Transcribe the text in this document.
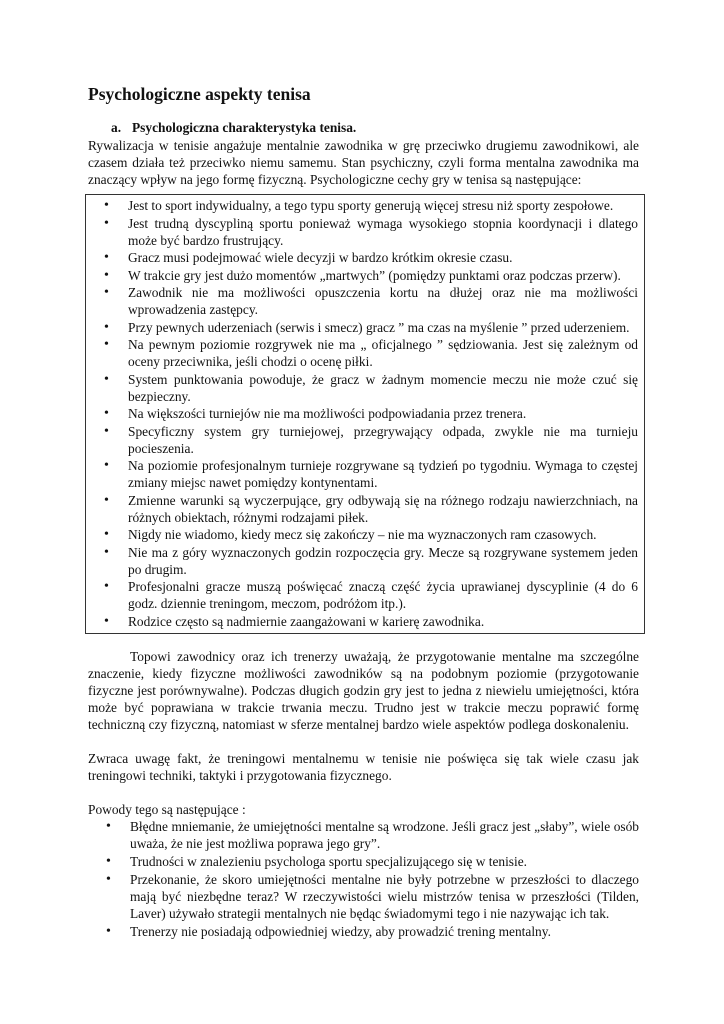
Psychologiczne aspekty tenisa
a. Psychologiczna charakterystyka tenisa.

Rywalizacja w tenisie angażuje mentalnie zawodnika w grę przeciwko drugiemu zawodnikowi, ale czasem działa też przeciwko niemu samemu. Stan psychiczny, czyli forma mentalna zawodnika ma znaczący wpływ na jego formę fizyczną. Psychologiczne cechy gry w tenisa są następujące:

• Jest to sport indywidualny, a tego typu sporty generują więcej stresu niż sporty zespołowe.
• Jest trudną dyscypliną sportu ponieważ wymaga wysokiego stopnia koordynacji i dlatego może być bardzo frustrujący.
• Gracz musi podejmować wiele decyzji w bardzo krótkim okresie czasu.
• W trakcie gry jest dużo momentów „martwych” (pomiędzy punktami oraz podczas przerw).
• Zawodnik nie ma możliwości opuszczenia kortu na dłużej oraz nie ma możliwości wprowadzenia zastępcy.
• Przy pewnych uderzeniach (serwis i smecz) gracz ” ma czas na myślenie ” przed uderzeniem.
• Na pewnym poziomie rozgrywek nie ma „ oficjalnego ” sędziowania. Jest się zależnym od oceny przeciwnika, jeśli chodzi o ocenę piłki.
• System punktowania powoduje, że gracz w żadnym momencie meczu nie może czuć się bezpieczny.
• Na większości turniejów nie ma możliwości podpowiadania przez trenera.
• Specyficzny system gry turniejowej, przegrywający odpada, zwykle nie ma turnieju pocieszenia.
• Na poziomie profesjonalnym turnieje rozgrywane są tydzień po tygodniu. Wymaga to częstej zmiany miejsc nawet pomiędzy kontynentami.
• Zmienne warunki są wyczerpujące, gry odbywają się na różnego rodzaju nawierzchniach, na różnych obiektach, różnymi rodzajami piłek.
• Nigdy nie wiadomo, kiedy mecz się zakończy – nie ma wyznaczonych ram czasowych.
• Nie ma z góry wyznaczonych godzin rozpoczęcia gry. Mecze są rozgrywane systemem jeden po drugim.
• Profesjonalni gracze muszą poświęcać znaczą część życia uprawianej dyscyplinie (4 do 6 godz. dziennie treningom, meczom, podróżom itp.).
• Rodzice często są nadmiernie zaangażowani w karierę zawodnika.

Topowi zawodnicy oraz ich trenerzy uważają, że przygotowanie mentalne ma szczególne znaczenie, kiedy fizyczne możliwości zawodników są na podobnym poziomie (przygotowanie fizyczne jest porównywalne). Podczas długich godzin gry jest to jedna z niewielu umiejętności, która może być poprawiana w trakcie trwania meczu. Trudno jest w trakcie meczu poprawić formę techniczną czy fizyczną, natomiast w sferze mentalnej bardzo wiele aspektów podlega doskonaleniu.

Zwraca uwagę fakt, że treningowi mentalnemu w tenisie nie poświęca się tak wiele czasu jak treningowi techniki, taktyki i przygotowania fizycznego.

Powody tego są następujące :

• Błędne mniemanie, że umiejętności mentalne są wrodzone. Jeśli gracz jest „słaby”, wiele osób uważa, że nie jest możliwa poprawa jego gry”.
• Trudności w znalezieniu psychologa sportu specjalizującego się w tenisie.
• Przekonanie, że skoro umiejętności mentalne nie były potrzebne w przeszłości to dlaczego mają być niezbędne teraz? W rzeczywistości wielu mistrzów tenisa w przeszłości (Tilden, Laver) używało strategii mentalnych nie będąc świadomymi tego i nie nazywając ich tak.
• Trenerzy nie posiadają odpowiedniej wiedzy, aby prowadzić trening mentalny.
